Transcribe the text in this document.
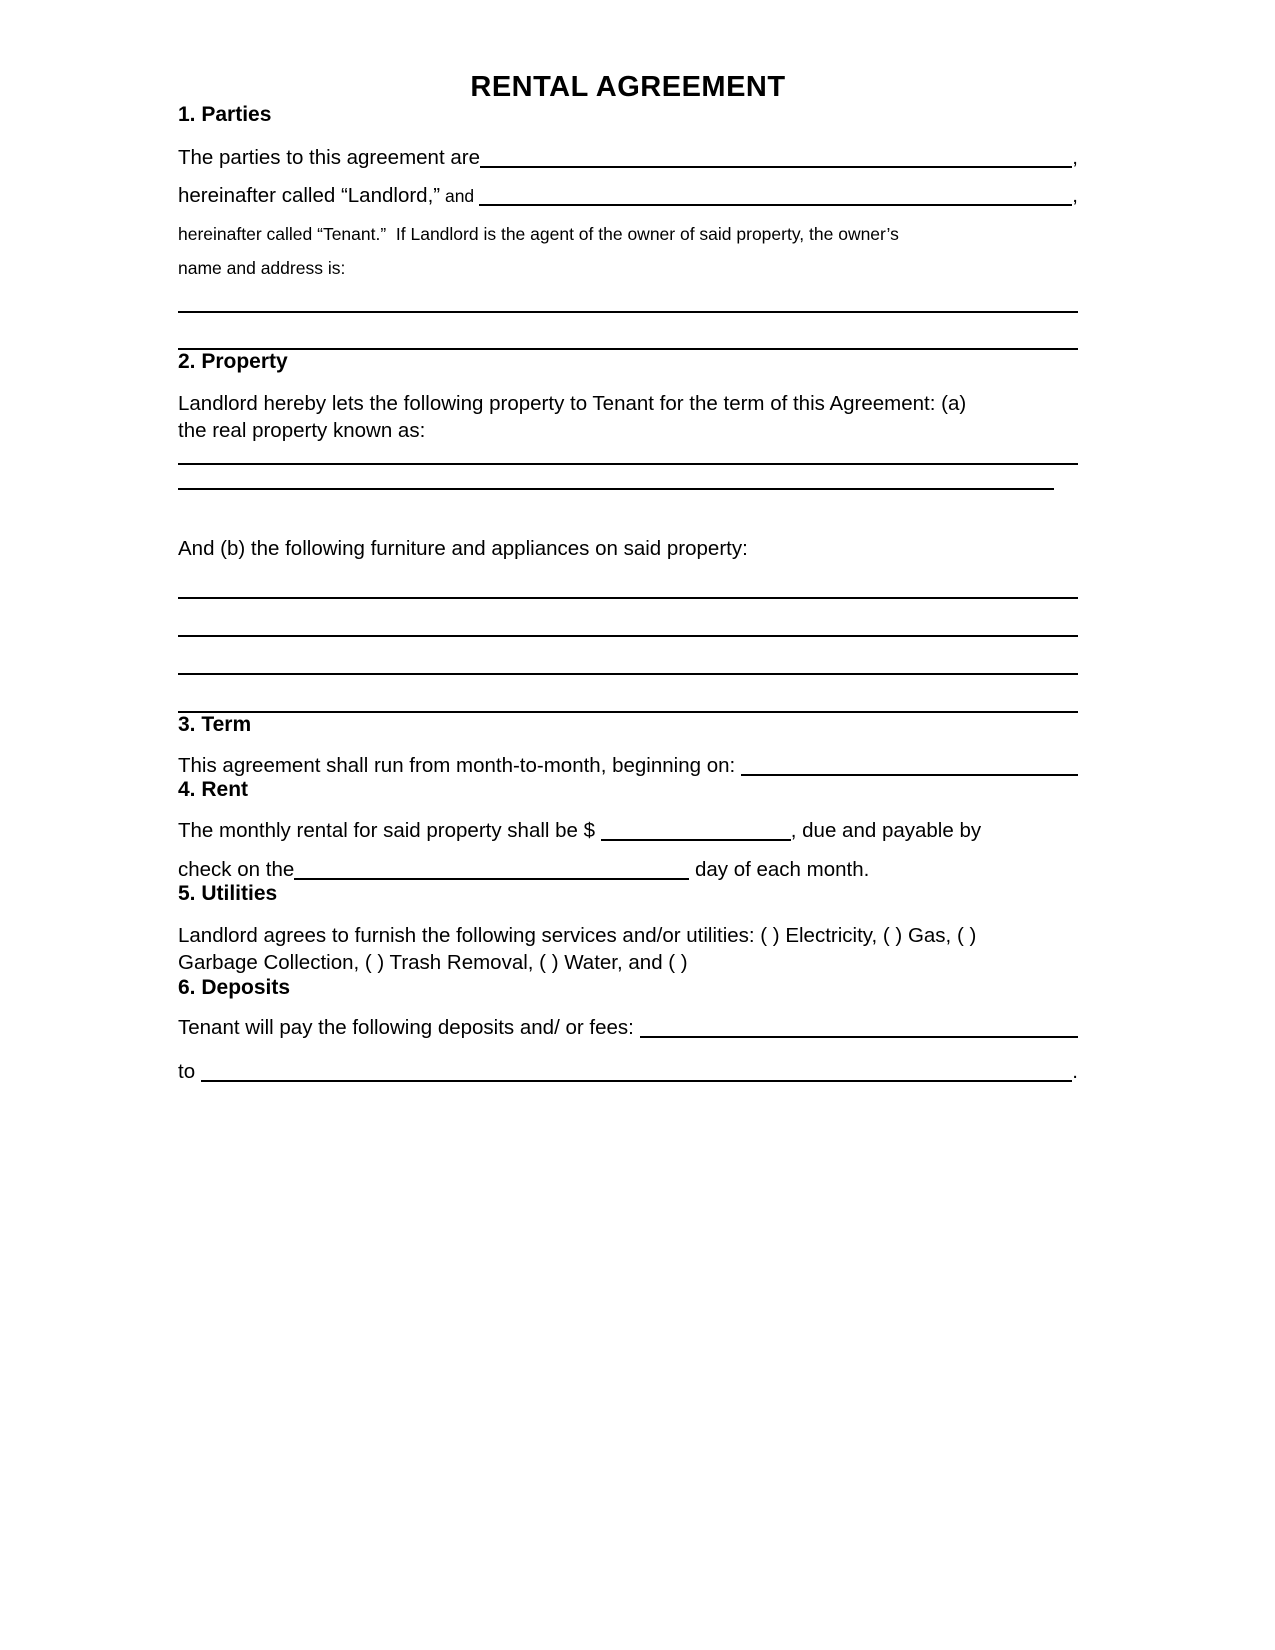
RENTAL AGREEMENT
1. Parties
The parties to this agreement are	,
hereinafter called “Landlord,” and	,
hereinafter called “Tenant.”  If Landlord is the agent of the owner of said property, the owner’s
name and address is:
2. Property
Landlord hereby lets the following property to Tenant for the term of this Agreement: (a)
the real property known as:
And (b) the following furniture and appliances on said property:
3. Term
This agreement shall run from month-to-month, beginning on:
4. Rent
The monthly rental for said property shall be $	, due and payable by
check on the	day of each month.
5. Utilities
Landlord agrees to furnish the following services and/or utilities: ( ) Electricity, ( ) Gas, ( )
Garbage Collection, ( ) Trash Removal, ( ) Water, and ( )
6. Deposits
Tenant will pay the following deposits and/ or fees:
to	.
